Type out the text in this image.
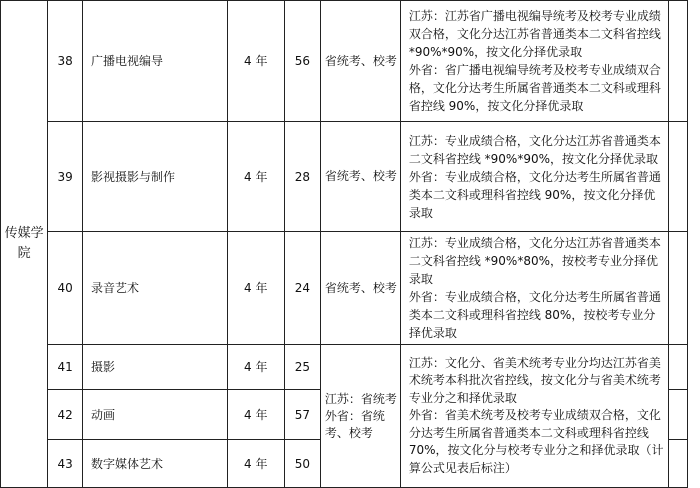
传媒学院	38	广播电视编导	4 年	56	省统考、校考	江苏：江苏省广播电视编导统考及校考专业成绩双合格，文化分达江苏省普通类本二文科省控线 *90%*90%，按文化分择优录取
外省：省广播电视编导统考及校考专业成绩双合格，文化分达考生所属省普通类本二文科或理科省控线 90%，按文化分择优录取	

	39	影视摄影与制作	4 年	28	省统考、校考	江苏：专业成绩合格，文化分达江苏省普通类本二文科省控线 *90%*90%，按文化分择优录取
外省：专业成绩合格，文化分达考生所属省普通类本二文科或理科省控线 90%，按文化分择优录取	

	40	录音艺术	4 年	24	省统考、校考	江苏：专业成绩合格，文化分达江苏省普通类本二文科省控线 *90%*80%，按校考专业分择优录取
外省：专业成绩合格，文化分达考生所属省普通类本二文科或理科省控线 80%，按校考专业分择优录取	

	41	摄影	4 年	25	江苏：省统考外省：省统考、校考	江苏：文化分、省美术统考专业分均达江苏省美术统考本科批次省控线，按文化分与省美术统考专业分之和择优录取
外省：省美术统考及校考专业成绩双合格，文化分达考生所属省普通类本二文科或理科省控线 70%，按文化分与校考专业分之和择优录取（计算公式见表后标注）	

	42	动画	4 年	57			
	43	数字媒体艺术	4 年	50			
